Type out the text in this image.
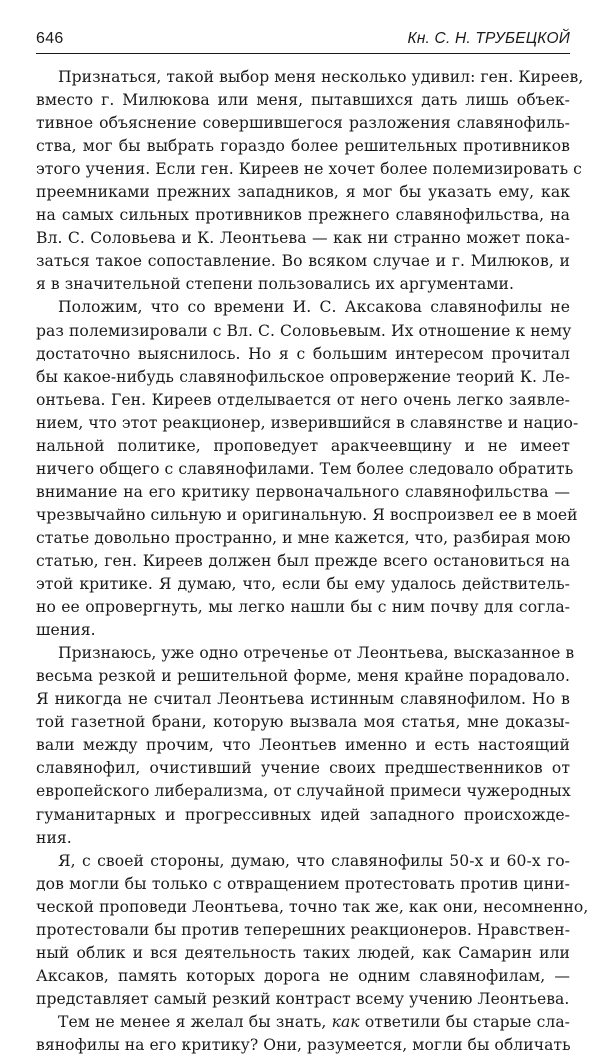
646	Кн. С. Н. ТРУБЕЦКОЙ
Признаться, такой выбор меня несколько удивил: ген. Киреев,
вместо г. Милюкова или меня, пытавшихся дать лишь объек-
тивное объяснение совершившегося разложения славянофиль-
ства, мог бы выбрать гораздо более решительных противников
этого учения. Если ген. Киреев не хочет более полемизировать с
преемниками прежних западников, я мог бы указать ему, как
на самых сильных противников прежнего славянофильства, на
Вл. С. Соловьева и К. Леонтьева — как ни странно может пока-
заться такое сопоставление. Во всяком случае и г. Милюков, и
я в значительной степени пользовались их аргументами.
Положим, что со времени И. С. Аксакова славянофилы не
раз полемизировали с Вл. С. Соловьевым. Их отношение к нему
достаточно выяснилось. Но я с большим интересом прочитал
бы какое-нибудь славянофильское опровержение теорий К. Ле-
онтьева. Ген. Киреев отделывается от него очень легко заявле-
нием, что этот реакционер, изверившийся в славянстве и нацио-
нальной политике, проповедует аракчеевщину и не имеет
ничего общего с славянофилами. Тем более следовало обратить
внимание на его критику первоначального славянофильства —
чрезвычайно сильную и оригинальную. Я воспроизвел ее в моей
статье довольно пространно, и мне кажется, что, разбирая мою
статью, ген. Киреев должен был прежде всего остановиться на
этой критике. Я думаю, что, если бы ему удалось действитель-
но ее опровергнуть, мы легко нашли бы с ним почву для согла-
шения.
Признаюсь, уже одно отреченье от Леонтьева, высказанное в
весьма резкой и решительной форме, меня крайне порадовало.
Я никогда не считал Леонтьева истинным славянофилом. Но в
той газетной брани, которую вызвала моя статья, мне доказы-
вали между прочим, что Леонтьев именно и есть настоящий
славянофил, очистивший учение своих предшественников от
европейского либерализма, от случайной примеси чужеродных
гуманитарных и прогрессивных идей западного происхожде-
ния.
Я, с своей стороны, думаю, что славянофилы 50-х и 60-х го-
дов могли бы только с отвращением протестовать против цини-
ческой проповеди Леонтьева, точно так же, как они, несомненно,
протестовали бы против теперешних реакционеров. Нравствен-
ный облик и вся деятельность таких людей, как Самарин или
Аксаков, память которых дорога не одним славянофилам, —
представляет самый резкий контраст всему учению Леонтьева.
Тем не менее я желал бы знать, как ответили бы старые сла-
вянофилы на его критику? Они, разумеется, могли бы обличать
